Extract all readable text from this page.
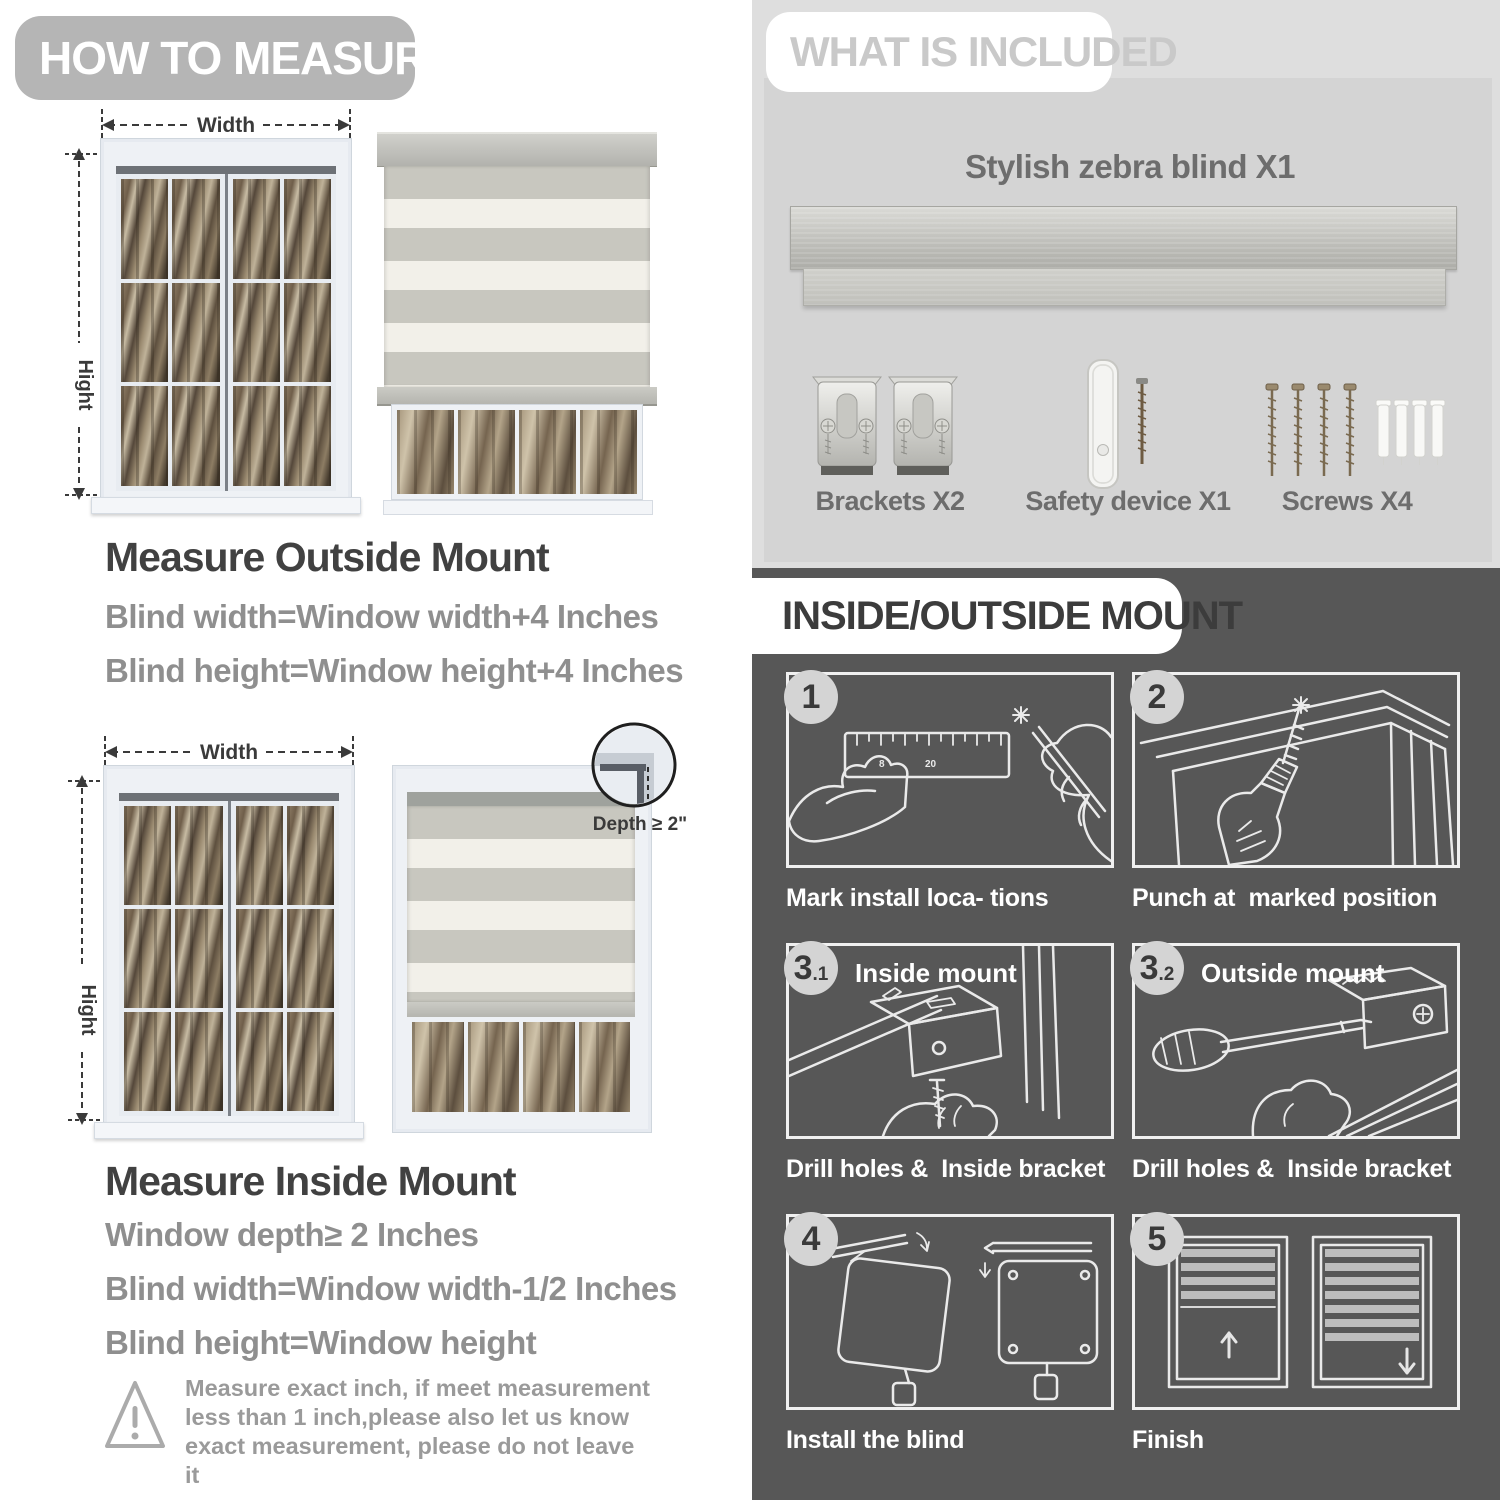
HOW TO MEASURE
Width
Hight
Measure Outside Mount
Blind width=Window width+4 Inches
Blind height=Window height+4 Inches
Width
Hight
Depth ≥ 2"
Measure Inside Mount
Window depth≥ 2 Inches
Blind width=Window width-1/2 Inches
Blind height=Window height
Measure exact inch, if meet measurement less than 1 inch,please also let us know exact measurement, please do not leave it
WHAT IS INCLUDED
Stylish zebra blind X1
Brackets X2	Safety device X1	Screws X4
INSIDE/OUTSIDE MOUNT
1
8	20
Mark install loca- tions
2
Punch at  marked position
3 .1 Inside mount
Drill holes &  Inside bracket
3 .2 Outside mount
Drill holes &  Inside bracket
4
Install the blind
5
Finish
